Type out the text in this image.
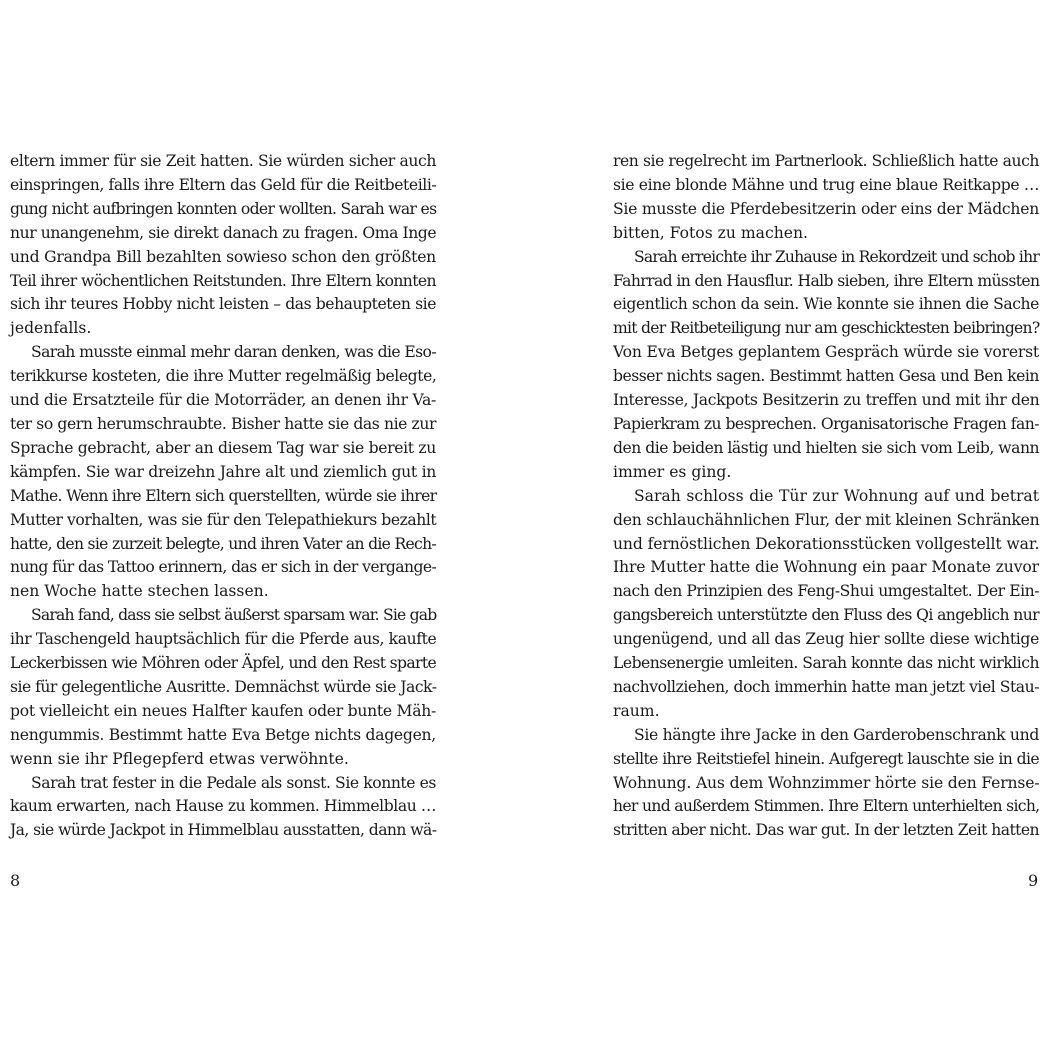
eltern immer für sie Zeit hatten. Sie würden sicher auch
einspringen, falls ihre Eltern das Geld für die Reitbeteili-
gung nicht aufbringen konnten oder wollten. Sarah war es
nur unangenehm, sie direkt danach zu fragen. Oma Inge
und Grandpa Bill bezahlten sowieso schon den größten
Teil ihrer wöchentlichen Reitstunden. Ihre Eltern konnten
sich ihr teures Hobby nicht leisten – das behaupteten sie
jedenfalls.
Sarah musste einmal mehr daran denken, was die Eso-
terikkurse kosteten, die ihre Mutter regelmäßig belegte,
und die Ersatzteile für die Motorräder, an denen ihr Va-
ter so gern herumschraubte. Bisher hatte sie das nie zur
Sprache gebracht, aber an diesem Tag war sie bereit zu
kämpfen. Sie war dreizehn Jahre alt und ziemlich gut in
Mathe. Wenn ihre Eltern sich querstellten, würde sie ihrer
Mutter vorhalten, was sie für den Telepathiekurs bezahlt
hatte, den sie zurzeit belegte, und ihren Vater an die Rech-
nung für das Tattoo erinnern, das er sich in der vergange-
nen Woche hatte stechen lassen.
Sarah fand, dass sie selbst äußerst sparsam war. Sie gab
ihr Taschengeld hauptsächlich für die Pferde aus, kaufte
Leckerbissen wie Möhren oder Äpfel, und den Rest sparte
sie für gelegentliche Ausritte. Demnächst würde sie Jack-
pot vielleicht ein neues Halfter kaufen oder bunte Mäh-
nengummis. Bestimmt hatte Eva Betge nichts dagegen,
wenn sie ihr Pflegepferd etwas verwöhnte.
Sarah trat fester in die Pedale als sonst. Sie konnte es
kaum erwarten, nach Hause zu kommen. Himmelblau …
Ja, sie würde Jackpot in Himmelblau ausstatten, dann wä-
ren sie regelrecht im Partnerlook. Schließlich hatte auch
sie eine blonde Mähne und trug eine blaue Reitkappe …
Sie musste die Pferdebesitzerin oder eins der Mädchen
bitten, Fotos zu machen.
Sarah erreichte ihr Zuhause in Rekordzeit und schob ihr
Fahrrad in den Hausflur. Halb sieben, ihre Eltern müssten
eigentlich schon da sein. Wie konnte sie ihnen die Sache
mit der Reitbeteiligung nur am geschicktesten beibringen?
Von Eva Betges geplantem Gespräch würde sie vorerst
besser nichts sagen. Bestimmt hatten Gesa und Ben kein
Interesse, Jackpots Besitzerin zu treffen und mit ihr den
Papierkram zu besprechen. Organisatorische Fragen fan-
den die beiden lästig und hielten sie sich vom Leib, wann
immer es ging.
Sarah schloss die Tür zur Wohnung auf und betrat
den schlauchähnlichen Flur, der mit kleinen Schränken
und fernöstlichen Dekorationsstücken vollgestellt war.
Ihre Mutter hatte die Wohnung ein paar Monate zuvor
nach den Prinzipien des Feng-Shui umgestaltet. Der Ein-
gangsbereich unterstützte den Fluss des Qi angeblich nur
ungenügend, und all das Zeug hier sollte diese wichtige
Lebensenergie umleiten. Sarah konnte das nicht wirklich
nachvollziehen, doch immerhin hatte man jetzt viel Stau-
raum.
Sie hängte ihre Jacke in den Garderobenschrank und
stellte ihre Reitstiefel hinein. Aufgeregt lauschte sie in die
Wohnung. Aus dem Wohnzimmer hörte sie den Fernse-
her und außerdem Stimmen. Ihre Eltern unterhielten sich,
stritten aber nicht. Das war gut. In der letzten Zeit hatten
8	9
